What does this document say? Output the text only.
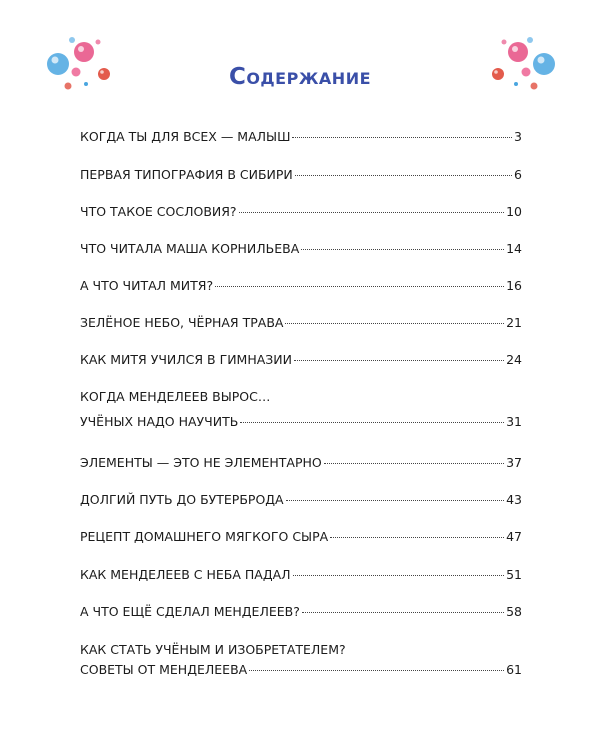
Содержание
КОГДА ТЫ ДЛЯ ВСЕХ — МАЛЫШ	3
ПЕРВАЯ ТИПОГРАФИЯ В СИБИРИ	6
ЧТО ТАКОЕ СОСЛОВИЯ?	10
ЧТО ЧИТАЛА МАША КОРНИЛЬЕВА	14
А ЧТО ЧИТАЛ МИТЯ?	16
ЗЕЛЁНОЕ НЕБО, ЧЁРНАЯ ТРАВА	21
КАК МИТЯ УЧИЛСЯ В ГИМНАЗИИ	24
КОГДА МЕНДЕЛЕЕВ ВЫРОС…
УЧЁНЫХ НАДО НАУЧИТЬ	31
ЭЛЕМЕНТЫ — ЭТО НЕ ЭЛЕМЕНТАРНО	37
ДОЛГИЙ ПУТЬ ДО БУТЕРБРОДА	43
РЕЦЕПТ ДОМАШНЕГО МЯГКОГО СЫРА	47
КАК МЕНДЕЛЕЕВ С НЕБА ПАДАЛ	51
А ЧТО ЕЩЁ СДЕЛАЛ МЕНДЕЛЕЕВ?	58
КАК СТАТЬ УЧЁНЫМ И ИЗОБРЕТАТЕЛЕМ?
СОВЕТЫ ОТ МЕНДЕЛЕЕВА	61
